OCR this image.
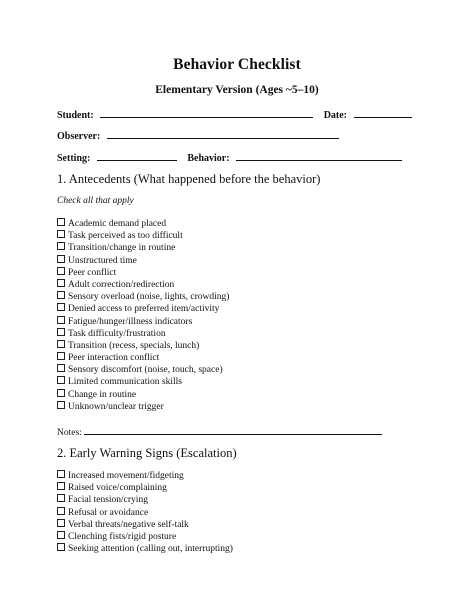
Behavior Checklist
Elementary Version (Ages ~5–10)
Student:	Date:
Observer:
Setting:	Behavior:
1. Antecedents (What happened before the behavior)
Check all that apply
Academic demand placed
Task perceived as too difficult
Transition/change in routine
Unstructured time
Peer conflict
Adult correction/redirection
Sensory overload (noise, lights, crowding)
Denied access to preferred item/activity
Fatigue/hunger/illness indicators
Task difficulty/frustration
Transition (recess, specials, lunch)
Peer interaction conflict
Sensory discomfort (noise, touch, space)
Limited communication skills
Change in routine
Unknown/unclear trigger
Notes:
2. Early Warning Signs (Escalation)
Increased movement/fidgeting
Raised voice/complaining
Facial tension/crying
Refusal or avoidance
Verbal threats/negative self-talk
Clenching fists/rigid posture
Seeking attention (calling out, interrupting)
